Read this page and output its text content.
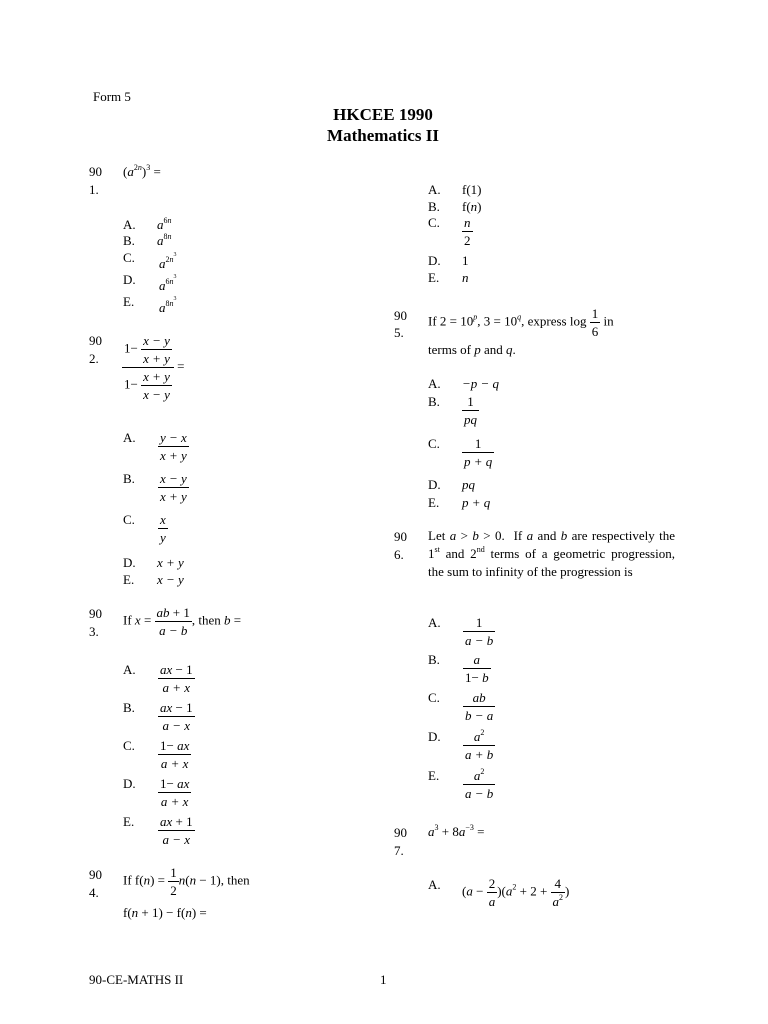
Form 5
HKCEE 1990
Mathematics II
90
1.
$(a^{2n})^3$ =
A. $a^{6n}$
B. $a^{8n}$
C. $a^{2n^3}$
D. $a^{6n^3}$
E. $a^{8n^3}$
90
2. $\frac{1- \frac{x - y}{x + y}}{1- \frac{x + y}{x - y}}$ =
A. $\frac{y - x}{x + y}$
B. $\frac{x - y}{x + y}$
C. $\frac{x}{y}$
D. x + y
E. x − y
90
3.
If $x = \frac{ab + 1}{a - b}$ , then b =
A. $\frac{ax - 1}{a + x}$
B. $\frac{ax - 1}{a - x}$
C. $\frac{1- ax}{a + x}$
D. $\frac{1- ax}{a + x}$
E. $\frac{ax + 1}{a - x}$
90
4.
If $f(n) = \frac{1}{2} n(n - 1)$, then
f(n + 1) − f(n) =
A. f(1)
B. f(n)
C. $\frac{n}{2}$
D. 1
E. n
90
5.
If $2 = 10^p$, $3 = 10^q$, express $\log \frac{1}{6}$ in
terms of p and q.
A. −p − q
B. $\frac{1}{pq}$
C. $\frac{1}{p + q}$
D. pq
E. p + q
90
6.
Let a > b > 0.  If a and b are respectively the 1st and 2nd terms of a geometric progression, the sum to infinity of the progression is
A. $\frac{1}{a - b}$
B. $\frac{a}{1- b}$
C. $\frac{ab}{b - a}$
D. $\frac{a^2}{a + b}$
E. $\frac{a^2}{a - b}$
90
7.
$a^3 + 8a^{-3}$ =
A. $(a - \frac{2}{a} )(a^2 + 2 + \frac{4}{a^2}$ )
90-CE-MATHS II	1
